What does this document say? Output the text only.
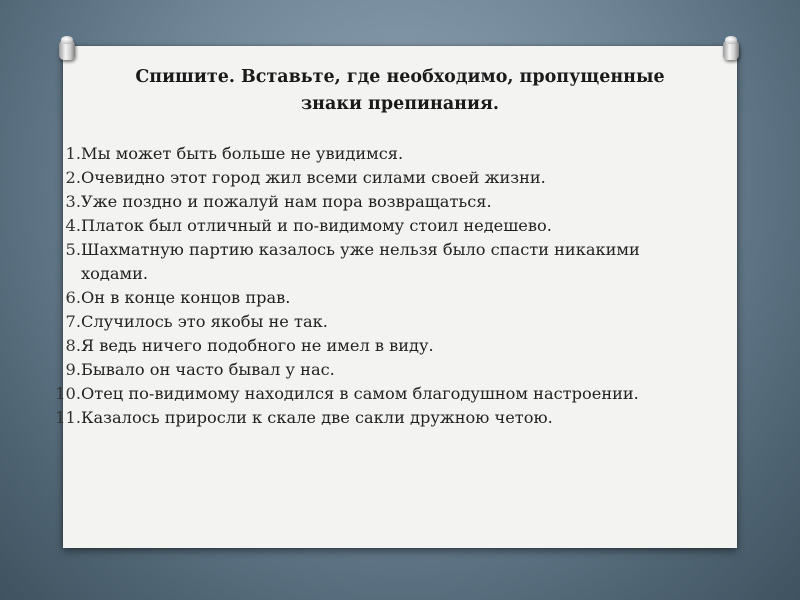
Спишите. Вставьте, где необходимо, пропущенные
знаки препинания.
1. Мы может быть больше не увидимся.
2. Очевидно этот город жил всеми силами своей жизни.
3. Уже поздно и пожалуй нам пора возвращаться.
4. Платок был отличный и по-видимому стоил недешево.
5. Шахматную партию казалось уже нельзя было спасти никакими
ходами.
6. Он в конце концов прав.
7. Случилось это якобы не так.
8. Я ведь ничего подобного не имел в виду.
9. Бывало он часто бывал у нас.
10. Отец по-видимому находился в самом благодушном настроении.
11. Казалось приросли к скале две сакли дружною четою.
